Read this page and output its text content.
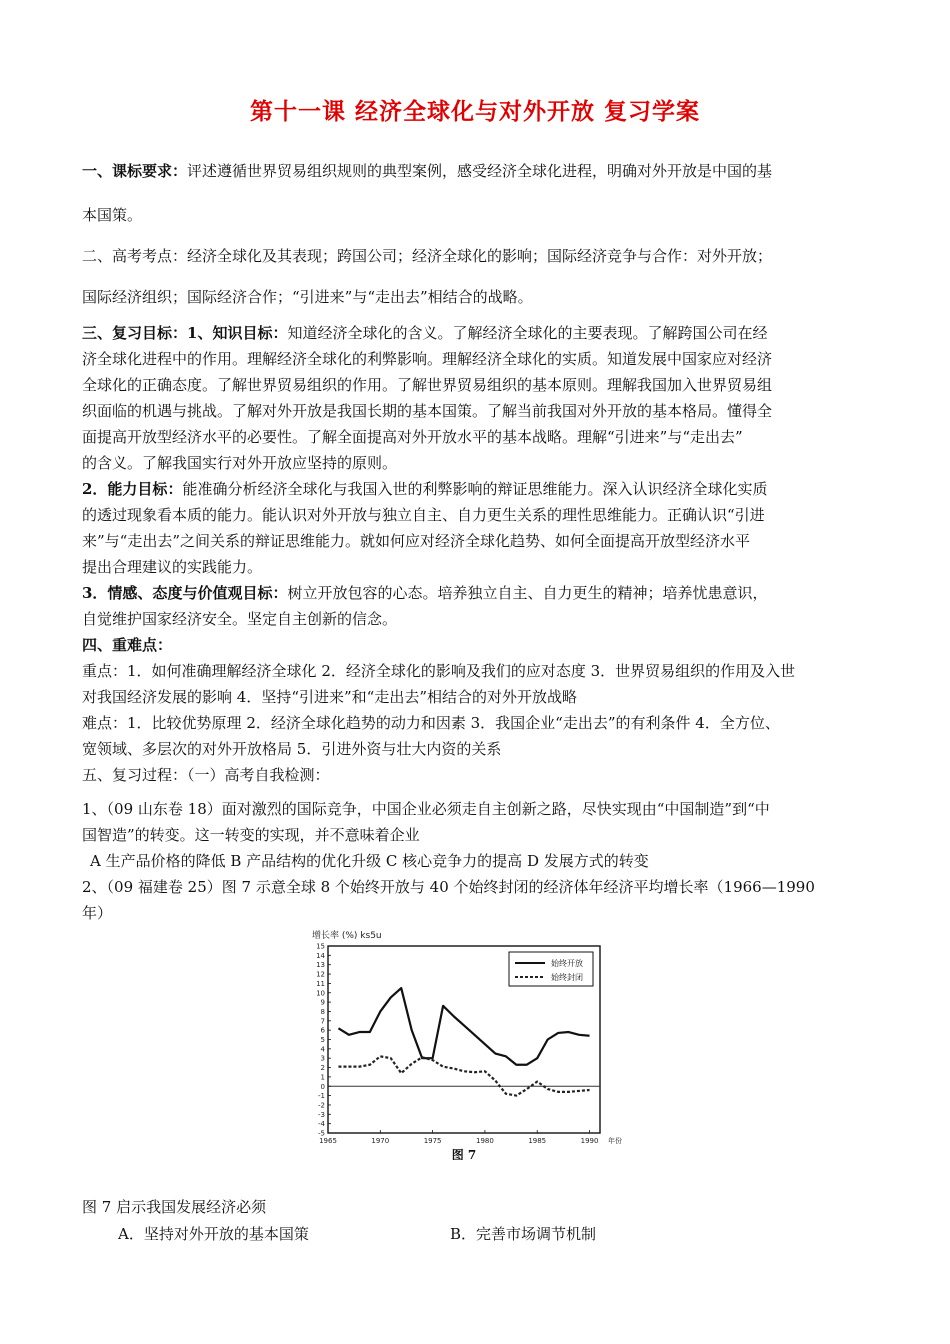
第十一课 经济全球化与对外开放 复习学案
一、课标要求：评述遵循世界贸易组织规则的典型案例，感受经济全球化进程，明确对外开放是中国的基
本国策。
二、高考考点：经济全球化及其表现；跨国公司；经济全球化的影响；国际经济竞争与合作：对外开放；
国际经济组织；国际经济合作；“引进来”与“走出去”相结合的战略。
三、复习目标：1、知识目标：知道经济全球化的含义。了解经济全球化的主要表现。了解跨国公司在经
济全球化进程中的作用。理解经济全球化的利弊影响。理解经济全球化的实质。知道发展中国家应对经济
全球化的正确态度。了解世界贸易组织的作用。了解世界贸易组织的基本原则。理解我国加入世界贸易组
织面临的机遇与挑战。了解对外开放是我国长期的基本国策。了解当前我国对外开放的基本格局。懂得全
面提高开放型经济水平的必要性。了解全面提高对外开放水平的基本战略。理解“引进来”与“走出去”
的含义。了解我国实行对外开放应坚持的原则。
2．能力目标：能准确分析经济全球化与我国入世的利弊影响的辩证思维能力。深入认识经济全球化实质
的透过现象看本质的能力。能认识对外开放与独立自主、自力更生关系的理性思维能力。正确认识“引进
来”与“走出去”之间关系的辩证思维能力。就如何应对经济全球化趋势、如何全面提高开放型经济水平
提出合理建议的实践能力。
3．情感、态度与价值观目标：树立开放包容的心态。培养独立自主、自力更生的精神；培养忧患意识，
自觉维护国家经济安全。坚定自主创新的信念。
四、重难点：
重点：1．如何准确理解经济全球化 2．经济全球化的影响及我们的应对态度 3．世界贸易组织的作用及入世
对我国经济发展的影响 4．坚持“引进来”和“走出去”相结合的对外开放战略
难点：1．比较优势原理 2．经济全球化趋势的动力和因素 3．我国企业“走出去”的有利条件 4．全方位、
宽领域、多层次的对外开放格局 5．引进外资与壮大内资的关系
五、复习过程：（一）高考自我检测：
1、（09 山东卷 18）面对激烈的国际竞争，中国企业必须走自主创新之路，尽快实现由“中国制造”到“中
国智造”的转变。这一转变的实现，并不意味着企业
A 生产品价格的降低 B 产品结构的优化升级 C 核心竞争力的提高 D 发展方式的转变
2、（09 福建卷 25）图 7 示意全球 8 个始终开放与 40 个始终封闭的经济体年经济平均增长率（1966—1990
年）
增长率 (%) ks5u
15
14
13
12
11
10
9
8
7
6
5
4
3
2
1
0
-1
-2
-3
-4
-5
1965	1970	1975	1980	1985	1990 年份
图 7
始终开放
始终封闭
图 7 启示我国发展经济必须
A．坚持对外开放的基本国策	B．完善市场调节机制
